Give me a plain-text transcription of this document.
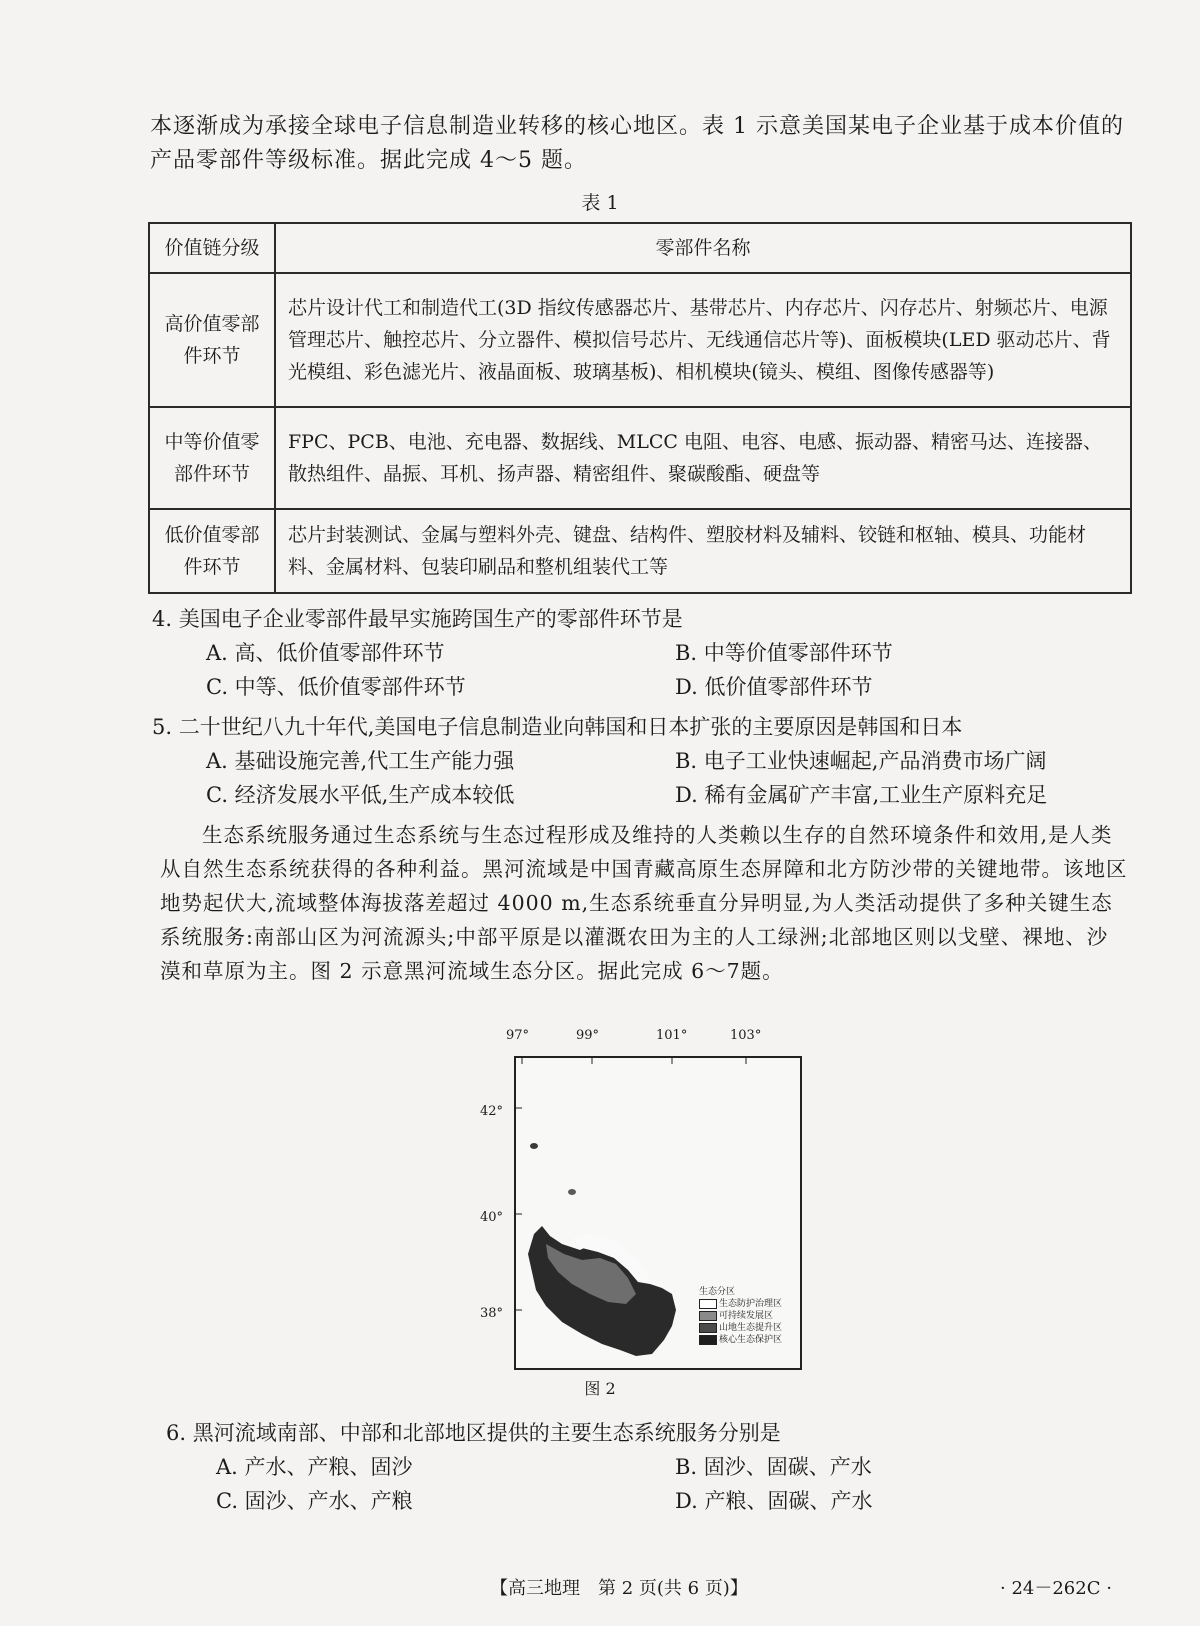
本逐渐成为承接全球电子信息制造业转移的核心地区。表 1 示意美国某电子企业基于成本价值的产品零部件等级标准。据此完成 4～5 题。
表 1
价值链分级	零部件名称
高价值零部件环节	芯片设计代工和制造代工(3D 指纹传感器芯片、基带芯片、内存芯片、闪存芯片、射频芯片、电源管理芯片、触控芯片、分立器件、模拟信号芯片、无线通信芯片等)、面板模块(LED 驱动芯片、背光模组、彩色滤光片、液晶面板、玻璃基板)、相机模块(镜头、模组、图像传感器等)
中等价值零部件环节	FPC、PCB、电池、充电器、数据线、MLCC 电阻、电容、电感、振动器、精密马达、连接器、散热组件、晶振、耳机、扬声器、精密组件、聚碳酸酯、硬盘等
低价值零部件环节	芯片封装测试、金属与塑料外壳、键盘、结构件、塑胶材料及辅料、铰链和枢轴、模具、功能材料、金属材料、包装印刷品和整机组装代工等
4. 美国电子企业零部件最早实施跨国生产的零部件环节是
A. 高、低价值零部件环节	B. 中等价值零部件环节
C. 中等、低价值零部件环节	D. 低价值零部件环节
5. 二十世纪八九十年代,美国电子信息制造业向韩国和日本扩张的主要原因是韩国和日本
A. 基础设施完善,代工生产能力强	B. 电子工业快速崛起,产品消费市场广阔
C. 经济发展水平低,生产成本较低	D. 稀有金属矿产丰富,工业生产原料充足
生态系统服务通过生态系统与生态过程形成及维持的人类赖以生存的自然环境条件和效用,是人类从自然生态系统获得的各种利益。黑河流域是中国青藏高原生态屏障和北方防沙带的关键地带。该地区地势起伏大,流域整体海拔落差超过 4000 m,生态系统垂直分异明显,为人类活动提供了多种关键生态系统服务:南部山区为河流源头;中部平原是以灌溉农田为主的人工绿洲;北部地区则以戈壁、裸地、沙漠和草原为主。图 2 示意黑河流域生态分区。据此完成 6～7题。
97°	99°	101°	103°
42°
40°
38°
生态分区
生态防护治理区
可持续发展区
山地生态提升区
核心生态保护区
图 2
6. 黑河流域南部、中部和北部地区提供的主要生态系统服务分别是
A. 产水、产粮、固沙	B. 固沙、固碳、产水
C. 固沙、产水、产粮	D. 产粮、固碳、产水
【高三地理　第 2 页(共 6 页)】	· 24－262C ·
